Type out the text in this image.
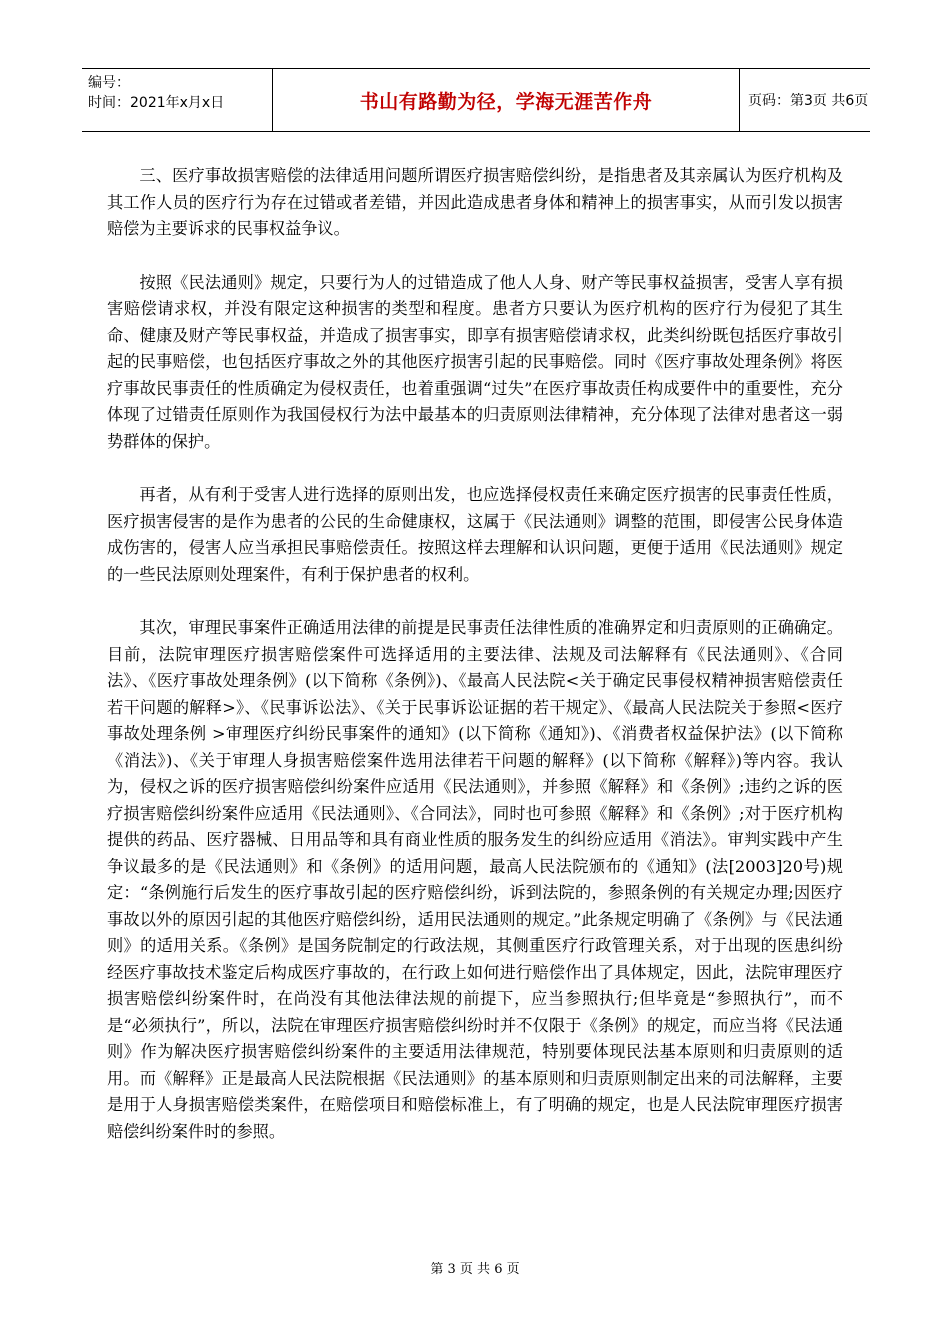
编号：
时间：2021年x月x日	书山有路勤为径，学海无涯苦作舟	页码：第3页 共6页

三、医疗事故损害赔偿的法律适用问题所谓医疗损害赔偿纠纷，是指患者及其亲属认为医疗机构及其工作人员的医疗行为存在过错或者差错，并因此造成患者身体和精神上的损害事实，从而引发以损害赔偿为主要诉求的民事权益争议。

按照《民法通则》规定，只要行为人的过错造成了他人人身、财产等民事权益损害，受害人享有损害赔偿请求权，并没有限定这种损害的类型和程度。患者方只要认为医疗机构的医疗行为侵犯了其生命、健康及财产等民事权益，并造成了损害事实，即享有损害赔偿请求权，此类纠纷既包括医疗事故引起的民事赔偿，也包括医疗事故之外的其他医疗损害引起的民事赔偿。同时《医疗事故处理条例》将医疗事故民事责任的性质确定为侵权责任，也着重强调“过失”在医疗事故责任构成要件中的重要性，充分体现了过错责任原则作为我国侵权行为法中最基本的归责原则法律精神，充分体现了法律对患者这一弱势群体的保护。

再者，从有利于受害人进行选择的原则出发，也应选择侵权责任来确定医疗损害的民事责任性质， 医疗损害侵害的是作为患者的公民的生命健康权，这属于《民法通则》调整的范围，即侵害公民身体造成伤害的，侵害人应当承担民事赔偿责任。按照这样去理解和认识问题，更便于适用《民法通则》规定的一些民法原则处理案件，有利于保护患者的权利。

其次，审理民事案件正确适用法律的前提是民事责任法律性质的准确界定和归责原则的正确确定。目前，法院审理医疗损害赔偿案件可选择适用的主要法律、法规及司法解释有《民法通则》、《合同法》、《医疗事故处理条例》(以下简称《条例》)、《最高人民法院<关于确定民事侵权精神损害赔偿责任若干问题的解释>》、《民事诉讼法》、《关于民事诉讼证据的若干规定》、《最高人民法院关于参照<医疗事故处理条例 >审理医疗纠纷民事案件的通知》(以下简称《通知》)、《消费者权益保护法》(以下简称《消法》)、《关于审理人身损害赔偿案件选用法律若干问题的解释》(以下简称《解释》)等内容。我认为，侵权之诉的医疗损害赔偿纠纷案件应适用《民法通则》，并参照《解释》和《条例》;违约之诉的医疗损害赔偿纠纷案件应适用《民法通则》、《合同法》，同时也可参照《解释》和《条例》;对于医疗机构提供的药品、医疗器械、日用品等和具有商业性质的服务发生的纠纷应适用《消法》。审判实践中产生争议最多的是《民法通则》和《条例》的适用问题，最高人民法院颁布的《通知》(法[2003]20号)规定：“条例施行后发生的医疗事故引起的医疗赔偿纠纷，诉到法院的，参照条例的有关规定办理;因医疗事故以外的原因引起的其他医疗赔偿纠纷，适用民法通则的规定。”此条规定明确了《条例》与《民法通则》的适用关系。《条例》是国务院制定的行政法规，其侧重医疗行政管理关系，对于出现的医患纠纷经医疗事故技术鉴定后构成医疗事故的，在行政上如何进行赔偿作出了具体规定，因此，法院审理医疗损害赔偿纠纷案件时，在尚没有其他法律法规的前提下，应当参照执行;但毕竟是“参照执行”，而不是“必须执行”，所以，法院在审理医疗损害赔偿纠纷时并不仅限于《条例》的规定，而应当将《民法通则》作为解决医疗损害赔偿纠纷案件的主要适用法律规范，特别要体现民法基本原则和归责原则的适用。而《解释》正是最高人民法院根据《民法通则》的基本原则和归责原则制定出来的司法解释，主要是用于人身损害赔偿类案件，在赔偿项目和赔偿标准上，有了明确的规定，也是人民法院审理医疗损害赔偿纠纷案件时的参照。

第 3 页 共 6 页
